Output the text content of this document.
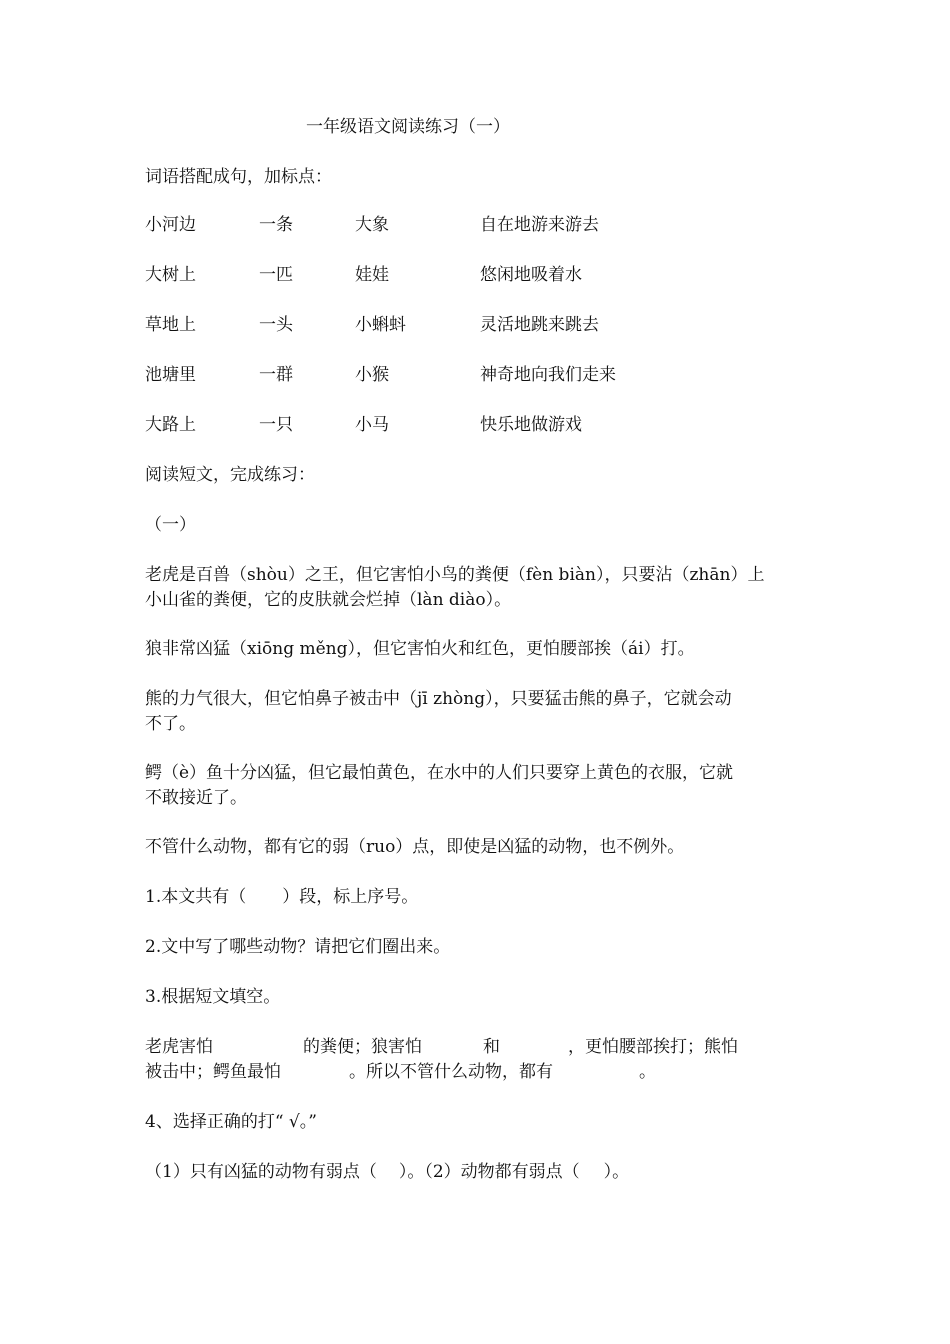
一年级语文阅读练习（一）
词语搭配成句，加标点：
小河边	一条	大象	自在地游来游去
大树上	一匹	娃娃	悠闲地吸着水
草地上	一头	小蝌蚪	灵活地跳来跳去
池塘里	一群	小猴	神奇地向我们走来
大路上	一只	小马	快乐地做游戏
阅读短文，完成练习：
（一）
老虎是百兽（shòu）之王，但它害怕小鸟的粪便（fèn biàn），只要沾（zhān）上
小山雀的粪便，它的皮肤就会烂掉（làn diào）。
狼非常凶猛（xiōng měng），但它害怕火和红色，更怕腰部挨（ái）打。
熊的力气很大，但它怕鼻子被击中（jī zhòng），只要猛击熊的鼻子，它就会动
不了。
鳄（è）鱼十分凶猛，但它最怕黄色，在水中的人们只要穿上黄色的衣服，它就
不敢接近了。
不管什么动物，都有它的弱（ruo）点，即使是凶猛的动物，也不例外。
1.本文共有（ ）段，标上序号。
2.文中写了哪些动物？请把它们圈出来。
3.根据短文填空。
老虎害怕	的粪便；狼害怕	和	，更怕腰部挨打；熊怕
被击中；鳄鱼最怕	。所以不管什么动物，都有	。
4、选择正确的打“ √。”
（1）只有凶猛的动物有弱点（ ）。（2）动物都有弱点（ ）。
